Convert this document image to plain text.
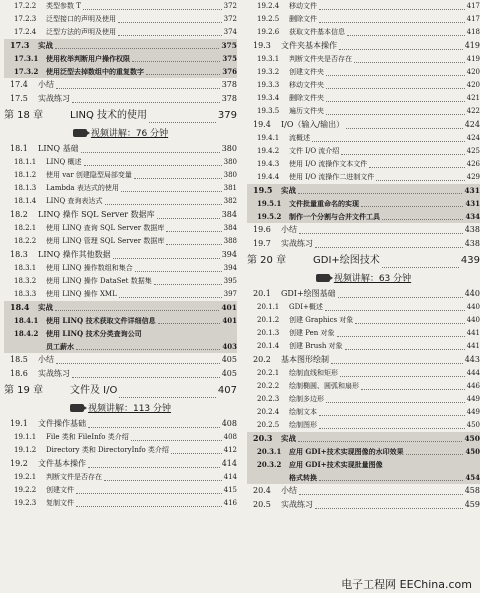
17.2.2 类型参数 T	372
17.2.3 泛型接口的声明及使用	372
17.2.4 泛型方法的声明及使用	374
17.3 实战	375
17.3.1 使用枚举判断用户操作权限	375
17.3.2 使用泛型去掉数组中的重复数字	376
17.4 小结	378
17.5 实战练习	378
第 18 章	LINQ 技术的使用	379
视频讲解：76 分钟
18.1 LINQ 基础	380
18.1.1 LINQ 概述	380
18.1.2 使用 var 创建隐型局部变量	380
18.1.3 Lambda 表达式的使用	381
18.1.4 LINQ 查询表达式	382
18.2 LINQ 操作 SQL Server 数据库	384
18.2.1 使用 LINQ 查询 SQL Server 数据库	384
18.2.2 使用 LINQ 管理 SQL Server 数据库	388
18.3 LINQ 操作其他数据	394
18.3.1 使用 LINQ 操作数组和集合	394
18.3.2 使用 LINQ 操作 DataSet 数据集	395
18.3.3 使用 LINQ 操作 XML	397
18.4 实战	401
18.4.1 使用 LINQ 技术获取文件详细信息	401
18.4.2 使用 LINQ 技术分类查询公司
员工薪水	403
18.5 小结	405
18.6 实战练习	405
第 19 章	文件及 I/O	407
视频讲解：113 分钟
19.1 文件操作基础	408
19.1.1 File 类和 FileInfo 类介绍	408
19.1.2 Directory 类和 DirectoryInfo 类介绍	412
19.2 文件基本操作	414
19.2.1 判断文件是否存在	414
19.2.2 创建文件	415
19.2.3 复制文件	416
19.2.4 移动文件	417
19.2.5 删除文件	417
19.2.6 获取文件基本信息	418
19.3 文件夹基本操作	419
19.3.1 判断文件夹是否存在	419
19.3.2 创建文件夹	420
19.3.3 移动文件夹	420
19.3.4 删除文件夹	421
19.3.5 遍历文件夹	422
19.4 I/O（输入/输出）	424
19.4.1 流概述	424
19.4.2 文件 I/O 流介绍	425
19.4.3 使用 I/O 流操作文本文件	426
19.4.4 使用 I/O 流操作二进制文件	429
19.5 实战	431
19.5.1 文件批量重命名的实现	431
19.5.2 制作一个分割与合并文件工具	434
19.6 小结	438
19.7 实战练习	438
第 20 章	GDI+绘图技术	439
视频讲解：63 分钟
20.1 GDI+绘图基础	440
20.1.1 GDI+概述	440
20.1.2 创建 Graphics 对象	440
20.1.3 创建 Pen 对象	441
20.1.4 创建 Brush 对象	441
20.2 基本图形绘制	443
20.2.1 绘制直线和矩形	444
20.2.2 绘制椭圆、圆弧和扇形	446
20.2.3 绘制多边形	449
20.2.4 绘制文本	449
20.2.5 绘制图形	450
20.3 实战	450
20.3.1 应用 GDI+技术实现图像的水印效果	450
20.3.2 应用 GDI+技术实现批量图像
格式转换	454
20.4 小结	458
20.5 实战练习	459
电子工程网 EEChina.com
